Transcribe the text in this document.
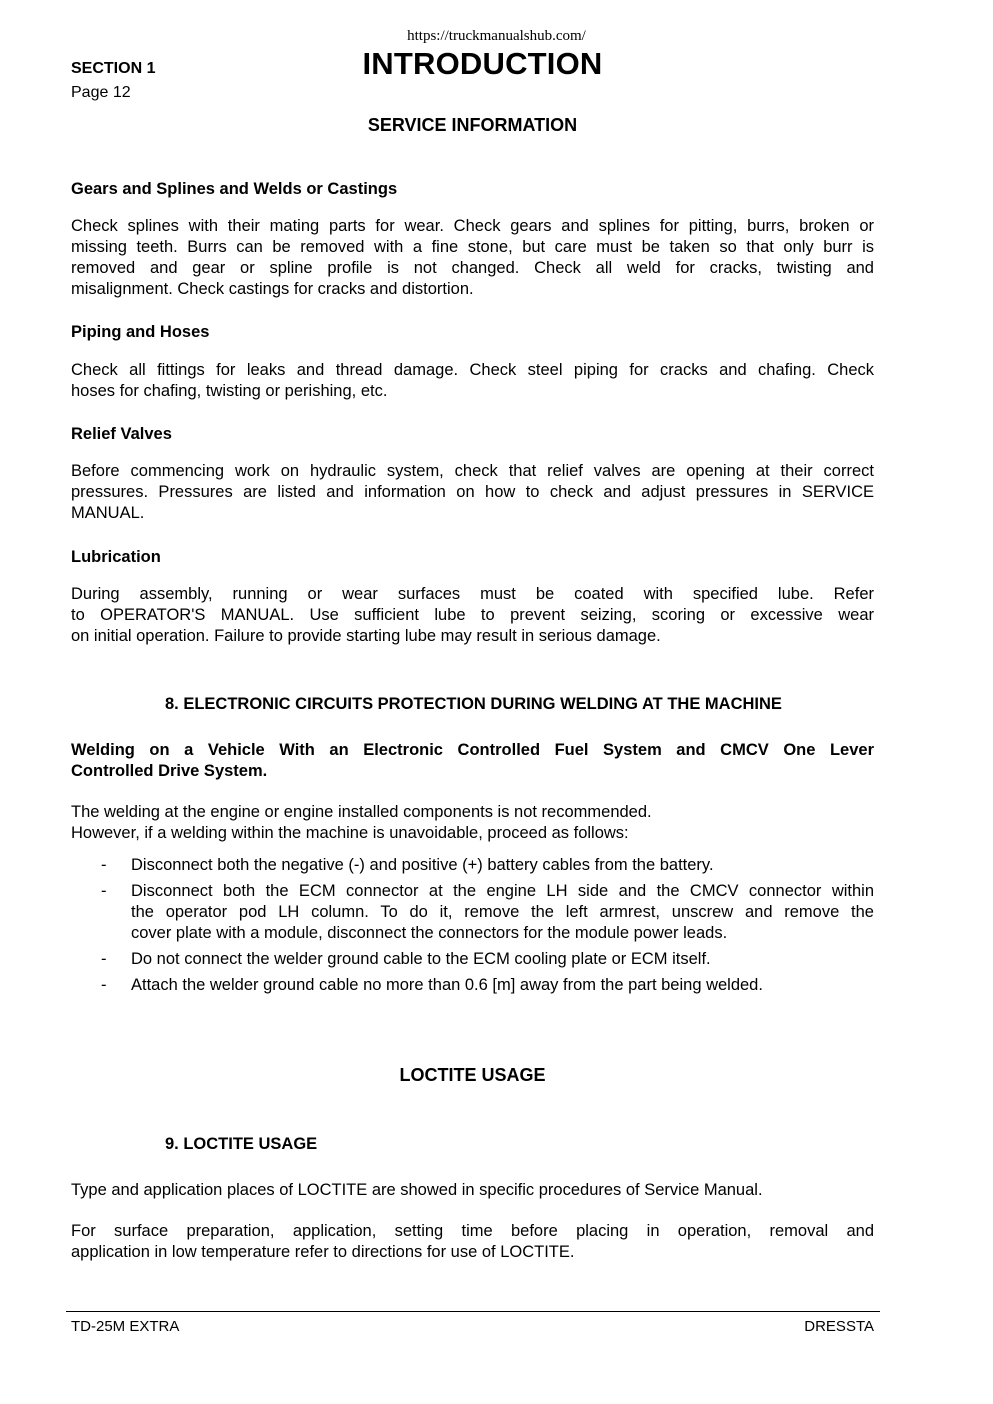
https://truckmanualshub.com/
SECTION 1
Page 12
INTRODUCTION
SERVICE INFORMATION
Gears and Splines and Welds or Castings
Check splines with their mating parts for wear. Check gears and splines for pitting, burrs, broken or
missing teeth. Burrs can be removed with a fine stone, but care must be taken so that only burr is
removed and gear or spline profile is not changed. Check all weld for cracks, twisting and
misalignment. Check castings for cracks and distortion.
Piping and Hoses
Check all fittings for leaks and thread damage. Check steel piping for cracks and chafing. Check
hoses for chafing, twisting or perishing, etc.
Relief Valves
Before commencing work on hydraulic system, check that relief valves are opening at their correct
pressures. Pressures are listed and information on how to check and adjust pressures in SERVICE
MANUAL.
Lubrication
During assembly, running or wear surfaces must be coated with specified lube. Refer
to OPERATOR'S MANUAL. Use sufficient lube to prevent seizing, scoring or excessive wear
on initial operation. Failure to provide starting lube may result in serious damage.
8. ELECTRONIC CIRCUITS PROTECTION DURING WELDING AT THE MACHINE
Welding on a Vehicle With an Electronic Controlled Fuel System and CMCV One Lever
Controlled Drive System.
The welding at the engine or engine installed components is not recommended.
However, if a welding within the machine is unavoidable, proceed as follows:
- Disconnect both the negative (-) and positive (+) battery cables from the battery.
- Disconnect both the ECM connector at the engine LH side and the CMCV connector within
the operator pod LH column. To do it, remove the left armrest, unscrew and remove the
cover plate with a module, disconnect the connectors for the module power leads.
- Do not connect the welder ground cable to the ECM cooling plate or ECM itself.
- Attach the welder ground cable no more than 0.6 [m] away from the part being welded.
LOCTITE USAGE
9. LOCTITE USAGE
Type and application places of LOCTITE are showed in specific procedures of Service Manual.
For surface preparation, application, setting time before placing in operation, removal and
application in low temperature refer to directions for use of LOCTITE.
TD-25M EXTRA	DRESSTA
